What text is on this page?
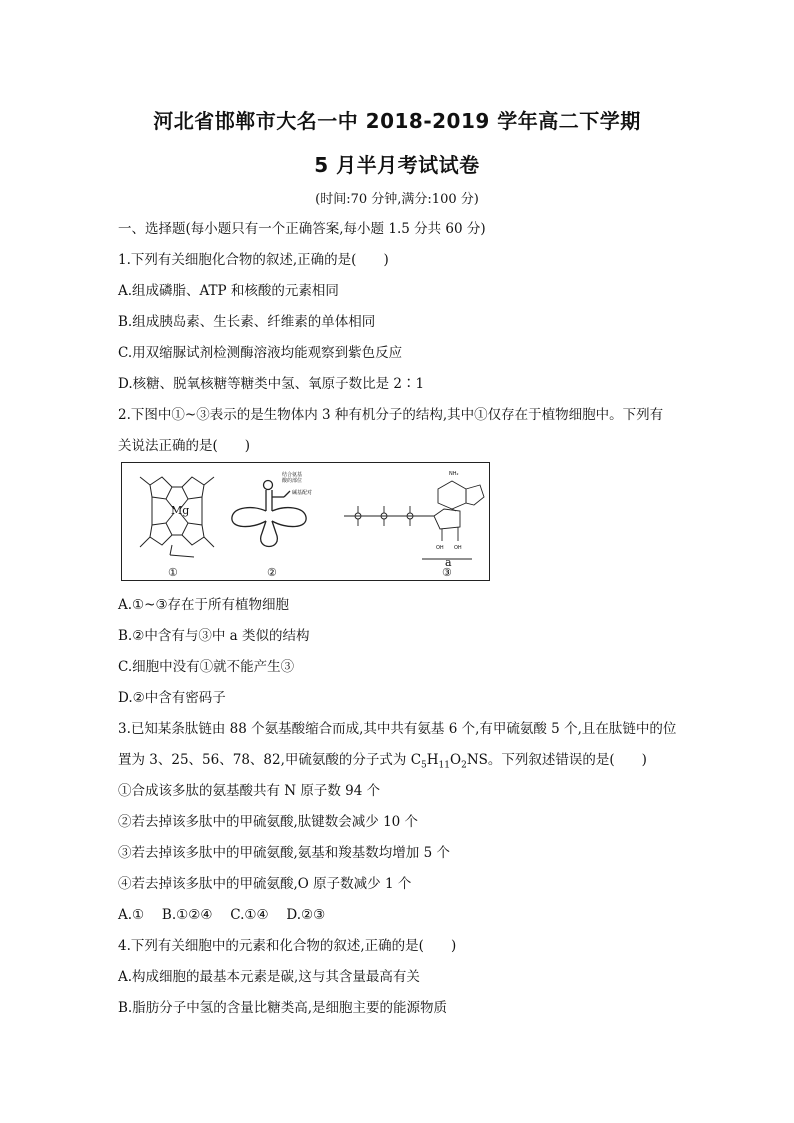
河北省邯郸市大名一中 2018-2019 学年高二下学期
5 月半月考试试卷
(时间:70 分钟,满分:100 分)
一、选择题(每小题只有一个正确答案,每小题 1.5 分共 60 分)
1.下列有关细胞化合物的叙述,正确的是(　　)
A.组成磷脂、ATP 和核酸的元素相同
B.组成胰岛素、生长素、纤维素的单体相同
C.用双缩脲试剂检测酶溶液均能观察到紫色反应
D.核糖、脱氧核糖等糖类中氢、氧原子数比是 2∶1
2.下图中①~③表示的是生物体内 3 种有机分子的结构,其中①仅存在于植物细胞中。下列有
关说法正确的是(　　)
Mg
结合氨基
酸的部位
碱基配对
NH₂
OH OH
a
①	②	③
A.①~③存在于所有植物细胞
B.②中含有与③中 a 类似的结构
C.细胞中没有①就不能产生③
D.②中含有密码子
3.已知某条肽链由 88 个氨基酸缩合而成,其中共有氨基 6 个,有甲硫氨酸 5 个,且在肽链中的位
置为 3、25、56、78、82,甲硫氨酸的分子式为 $C_5H_{11}O_2NS$。下列叙述错误的是(　　)
①合成该多肽的氨基酸共有 N 原子数 94 个
②若去掉该多肽中的甲硫氨酸,肽键数会减少 10 个
③若去掉该多肽中的甲硫氨酸,氨基和羧基数均增加 5 个
④若去掉该多肽中的甲硫氨酸,O 原子数减少 1 个
A.①　 B.①②④　 C.①④　 D.②③
4.下列有关细胞中的元素和化合物的叙述,正确的是(　　)
A.构成细胞的最基本元素是碳,这与其含量最高有关
B.脂肪分子中氢的含量比糖类高,是细胞主要的能源物质
